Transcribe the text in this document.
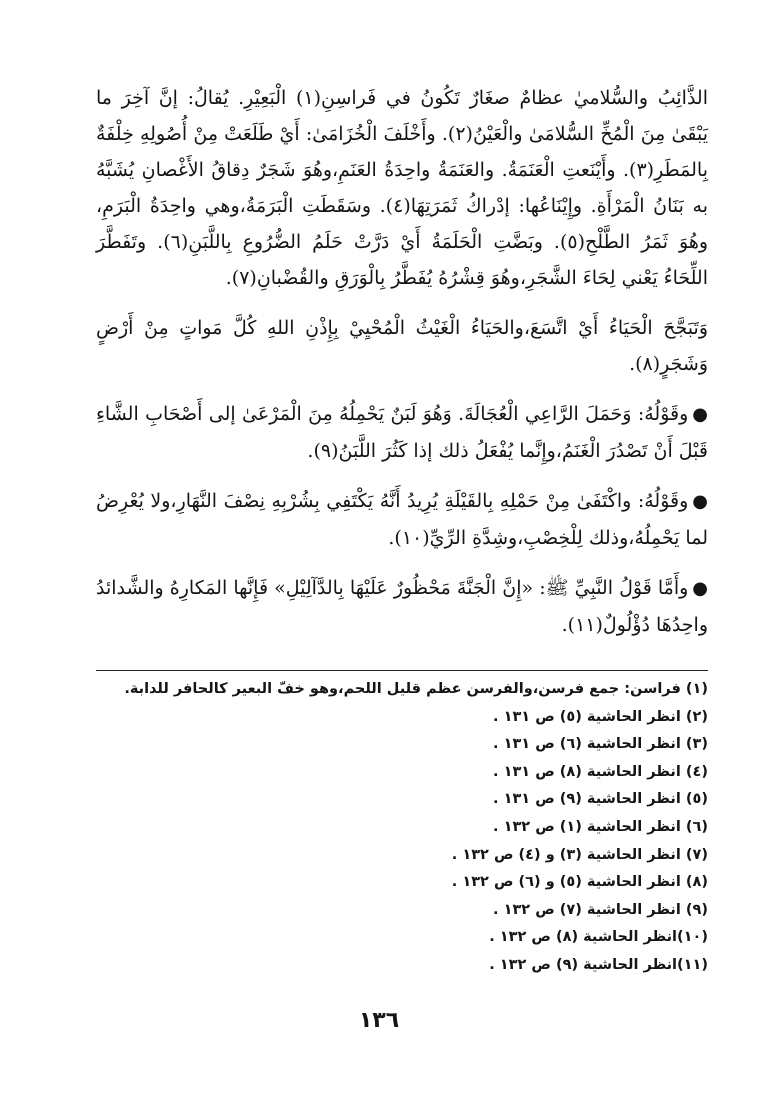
الذَّائِبُ والسُّلاميٰ عظامٌ صغَارٌ تَكُونُ في فَراسِنِ(١) الْبَعِيْرِ. يُقالُ: إنَّ آخِرَ ما يَبْقَىٰ مِنَ الْمُخِّ السُّلامَىٰ والْعَيْنُ(٢). وأَخْلَفَ الْخُزَامَىٰ: أَيْ طَلَعَتْ مِنْ أُصُولِهِ خِلْفَةٌ بِالمَطَرِ(٣). وأَيْنَعتِ الْعَنَمَةُ. والعَنَمَةُ واحِدَةُ العَنَمِ،وهُوَ شَجَرٌ دِقاقُ الأَغْصانِ يُشَبَّهُ به بَنَانُ الْمَرْأَةِ. وإِيْنَاعُها: إدْراكُ ثَمَرَتِهَا(٤). وسَقَطَتِ الْبَرَمَةُ،وهي واحِدَةُ الْبَرَمِ، وهُوَ ثَمَرُ الطَّلْحِ(٥). وبَضَّتِ الْحَلَمَةُ أَيْ دَرَّتْ حَلَمُ الضُّرُوعِ بِاللَّبَنِ(٦). وتَفَطَّرَ اللِّحَاءُ يَعْني لِحَاءَ الشَّجَرِ،وهُوَ قِشْرُهُ يُفَطَّرُ بِالْوَرَقِ والقُضْبانِ(٧).

وَتَبَجَّحَ الْحَيَاءُ أَيْ اتَّسَعَ،والحَيَاءُ الْغَيْثُ الْمُحْيِيْ بِإِذْنِ اللهِ كُلَّ مَواتٍ مِنْ أَرْضٍ وَشَجَرٍ(٨).

●وقَوْلُهُ: وَحَمَلَ الرَّاعِي الْعُجَالَةَ. وَهُوَ لَبَنٌ يَحْمِلُهُ مِنَ الْمَرْعَىٰ إلى أَصْحَابِ الشَّاءِ قَبْلَ أَنْ تَصْدُرَ الْغَنَمُ،وإِنَّما يُفْعَلُ ذلك إذا كَثُرَ اللَّبَنُ(٩).

●وقَوْلُهُ: واكْتَفَىٰ مِنْ حَمْلِهِ بِالقَيْلَةِ يُرِيدُ أَنَّهُ يَكْتَفِي بِشُرْبِهِ نِصْفَ النَّهَارِ،ولا يُعْرِضُ لما يَحْمِلُهُ،وذلك لِلْخِصْبِ،وشِدَّةِ الرِّيِّ(١٠).

●وأَمَّا قَوْلُ النَّبِيِّ ﷺ: «إِنَّ الْجَنَّةَ مَحْظُورٌ عَلَيْهَا بِالدَّآلِيْلِ» فَإِنَّها المَكارِهُ والشَّدائدُ واحِدُهَا دُؤْلُولٌ(١١).

(١) فراسن: جمع فرسن،والفرسن عظم قليل اللحم،وهو خفّ البعير كالحافر للدابة.

(٢) انظر الحاشية (٥) ص ١٣١ .

(٣) انظر الحاشية (٦) ص ١٣١ .

(٤) انظر الحاشية (٨) ص ١٣١ .

(٥) انظر الحاشية (٩) ص ١٣١ .

(٦) انظر الحاشية (١) ص ١٣٢ .

(٧) انظر الحاشية (٣) و (٤) ص ١٣٢ .

(٨) انظر الحاشية (٥) و (٦) ص ١٣٢ .

(٩) انظر الحاشية (٧) ص ١٣٢ .

(١٠)انظر الحاشية (٨) ص ١٣٢ .

(١١)انظر الحاشية (٩) ص ١٣٢ .

١٣٦
